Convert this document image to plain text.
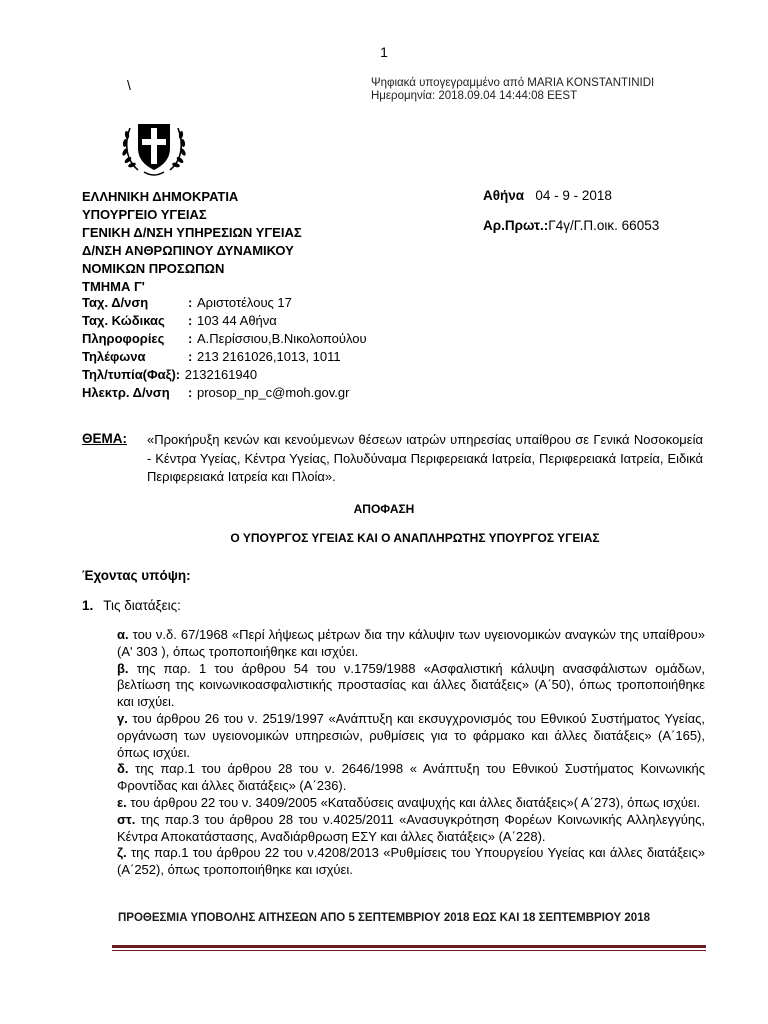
1
\	Ψηφιακά υπογεγραμμένο από MARIA KONSTANTINIDI
Ημερομηνία: 2018.09.04 14:44:08 EEST
ΕΛΛΗΝΙΚΗ ΔΗΜΟΚΡΑΤΙΑ
ΥΠΟΥΡΓΕΙΟ ΥΓΕΙΑΣ
ΓΕΝΙΚΗ Δ/ΝΣΗ ΥΠΗΡΕΣΙΩΝ ΥΓΕΙΑΣ
Δ/ΝΣΗ ΑΝΘΡΩΠΙΝΟΥ ΔΥΝΑΜΙΚΟΥ
ΝΟΜΙΚΩΝ ΠΡΟΣΩΠΩΝ
ΤΜΗΜΑ Γ'
Αθήνα 04 - 9 - 2018
Αρ.Πρωτ.:Γ4γ/Γ.Π.οικ. 66053
Ταχ. Δ/νση	: Αριστοτέλους 17
Ταχ. Κώδικας	: 103 44 Αθήνα
Πληροφορίες	: Α.Περίσσιου,Β.Νικολοπούλου
Τηλέφωνα	: 213 2161026,1013, 1011
Τηλ/τυπία(Φαξ) : 2132161940
Ηλεκτρ. Δ/νση	: prosop_np_c@moh.gov.gr
ΘΕΜΑ: «Προκήρυξη κενών και κενούμενων θέσεων ιατρών υπηρεσίας υπαίθρου σε Γενικά Νοσοκομεία - Κέντρα Υγείας, Κέντρα Υγείας, Πολυδύναμα Περιφερειακά Ιατρεία, Περιφερειακά Ιατρεία, Ειδικά Περιφερειακά Ιατρεία και Πλοία».
ΑΠΟΦΑΣΗ
Ο ΥΠΟΥΡΓΟΣ ΥΓΕΙΑΣ ΚΑΙ Ο ΑΝΑΠΛΗΡΩΤΗΣ ΥΠΟΥΡΓΟΣ ΥΓΕΙΑΣ
Έχοντας υπόψη:
1. Τις διατάξεις:

α. του ν.δ. 67/1968 «Περί λήψεως μέτρων δια την κάλυψιν των υγειονομικών αναγκών της υπαίθρου» (Α' 303 ), όπως τροποποιήθηκε και ισχύει.

β. της παρ. 1 του άρθρου 54 του ν.1759/1988 «Ασφαλιστική κάλυψη ανασφάλιστων ομάδων, βελτίωση της κοινωνικοασφαλιστικής προστασίας και άλλες διατάξεις» (Α΄50), όπως τροποποιήθηκε και ισχύει.

γ. του άρθρου 26 του ν. 2519/1997 «Ανάπτυξη και εκσυγχρονισμός του Εθνικού Συστήματος Υγείας, οργάνωση των υγειονομικών υπηρεσιών, ρυθμίσεις για το φάρμακο και άλλες διατάξεις» (Α΄165), όπως ισχύει.

δ. της παρ.1 του άρθρου 28 του ν. 2646/1998 « Ανάπτυξη του Εθνικού Συστήματος Κοινωνικής Φροντίδας και άλλες διατάξεις» (Α΄236).

ε. του άρθρου 22 του ν. 3409/2005 «Καταδύσεις αναψυχής και άλλες διατάξεις»( Α΄273), όπως ισχύει.

στ. της παρ.3 του άρθρου 28 του ν.4025/2011 «Ανασυγκρότηση Φορέων Κοινωνικής Αλληλεγγύης, Κέντρα Αποκατάστασης, Αναδιάρθρωση ΕΣΥ και άλλες διατάξεις» (Α΄228).

ζ. της παρ.1 του άρθρου 22 του ν.4208/2013 «Ρυθμίσεις του Υπουργείου Υγείας και άλλες διατάξεις» (Α΄252), όπως τροποποιήθηκε και ισχύει.

ΠΡΟΘΕΣΜΙΑ ΥΠΟΒΟΛΗΣ ΑΙΤΗΣΕΩΝ ΑΠΟ 5 ΣΕΠΤΕΜΒΡΙΟΥ 2018 ΕΩΣ ΚΑΙ 18 ΣΕΠΤΕΜΒΡΙΟΥ 2018
